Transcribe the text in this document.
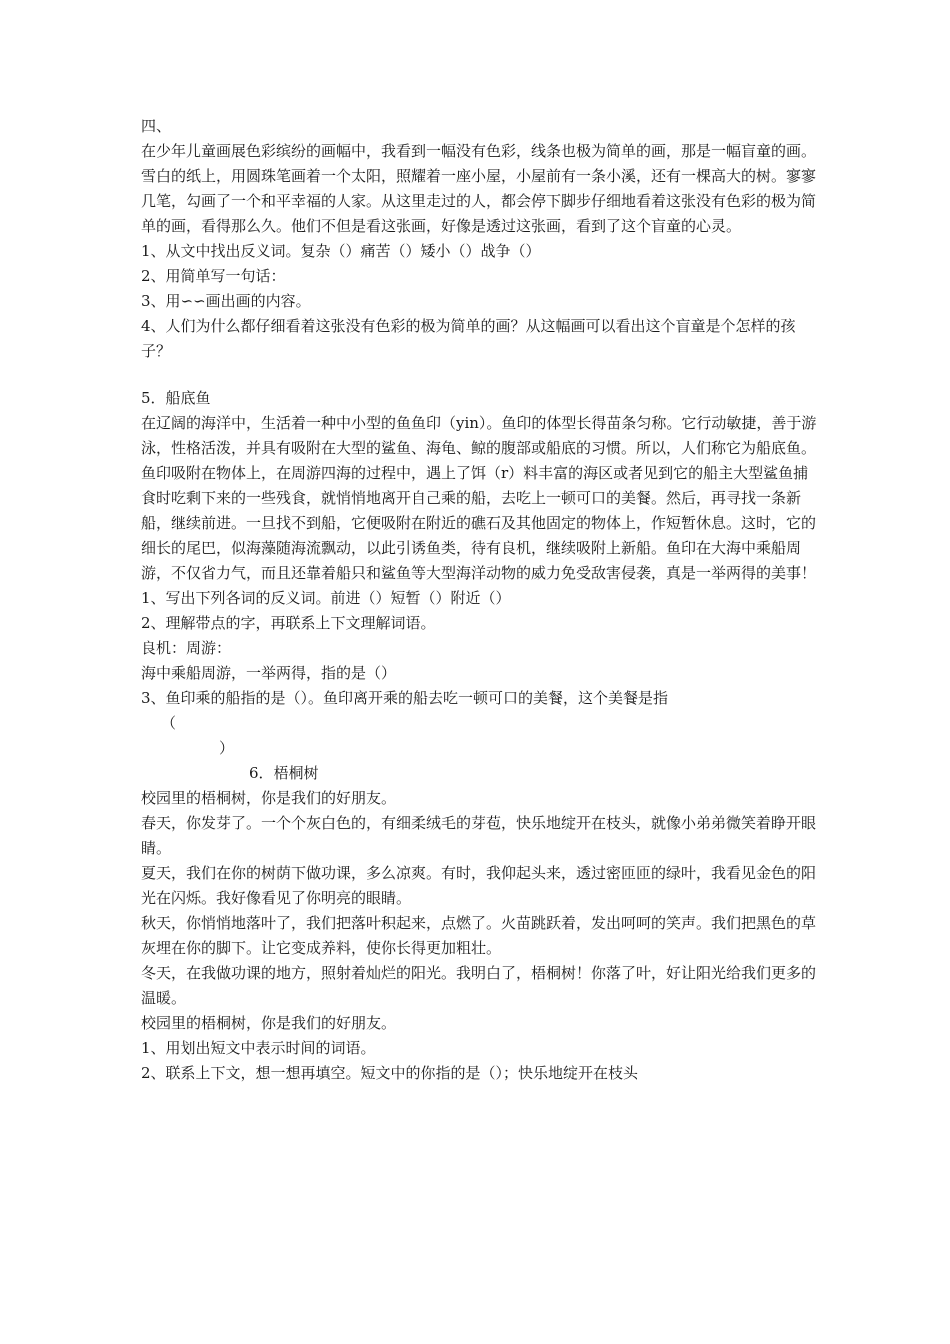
四、

在少年儿童画展色彩缤纷的画幅中，我看到一幅没有色彩，线条也极为简单的画，那是一幅盲童的画。雪白的纸上，用圆珠笔画着一个太阳，照耀着一座小屋，小屋前有一条小溪，还有一棵高大的树。寥寥几笔，勾画了一个和平幸福的人家。从这里走过的人，都会停下脚步仔细地看着这张没有色彩的极为简单的画，看得那么久。他们不但是看这张画，好像是透过这张画，看到了这个盲童的心灵。

1、从文中找出反义词。复杂（）痛苦（）矮小（）战争（）

2、用简单写一句话：

3、用∽∽画出画的内容。

4、人们为什么都仔细看着这张没有色彩的极为简单的画？从这幅画可以看出这个盲童是个怎样的孩子？

5．船底鱼

在辽阔的海洋中，生活着一种中小型的鱼鱼印（yin）。鱼印的体型长得苗条匀称。它行动敏捷，善于游泳，性格活泼，并具有吸附在大型的鲨鱼、海龟、鲸的腹部或船底的习惯。所以，人们称它为船底鱼。

鱼印吸附在物体上，在周游四海的过程中，遇上了饵（r）料丰富的海区或者见到它的船主大型鲨鱼捕食时吃剩下来的一些残食，就悄悄地离开自己乘的船，去吃上一顿可口的美餐。然后，再寻找一条新船，继续前进。一旦找不到船，它便吸附在附近的礁石及其他固定的物体上，作短暂休息。这时，它的细长的尾巴，似海藻随海流飘动，以此引诱鱼类，待有良机，继续吸附上新船。鱼印在大海中乘船周游，不仅省力气，而且还靠着船只和鲨鱼等大型海洋动物的威力免受敌害侵袭，真是一举两得的美事！

1、写出下列各词的反义词。前进（）短暂（）附近（）

2、理解带点的字，再联系上下文理解词语。

良机：周游：

海中乘船周游，一举两得，指的是（）

3、鱼印乘的船指的是（）。鱼印离开乘的船去吃一顿可口的美餐，这个美餐是指

（

）

6．梧桐树

校园里的梧桐树，你是我们的好朋友。

春天，你发芽了。一个个灰白色的，有细柔绒毛的芽苞，快乐地绽开在枝头，就像小弟弟微笑着睁开眼睛。

夏天，我们在你的树荫下做功课，多么凉爽。有时，我仰起头来，透过密匝匝的绿叶，我看见金色的阳光在闪烁。我好像看见了你明亮的眼睛。

秋天，你悄悄地落叶了，我们把落叶积起来，点燃了。火苗跳跃着，发出呵呵的笑声。我们把黑色的草灰埋在你的脚下。让它变成养料，使你长得更加粗壮。

冬天，在我做功课的地方，照射着灿烂的阳光。我明白了，梧桐树！你落了叶，好让阳光给我们更多的温暖。

校园里的梧桐树，你是我们的好朋友。

1、用划出短文中表示时间的词语。

2、联系上下文，想一想再填空。短文中的你指的是（）；快乐地绽开在枝头
